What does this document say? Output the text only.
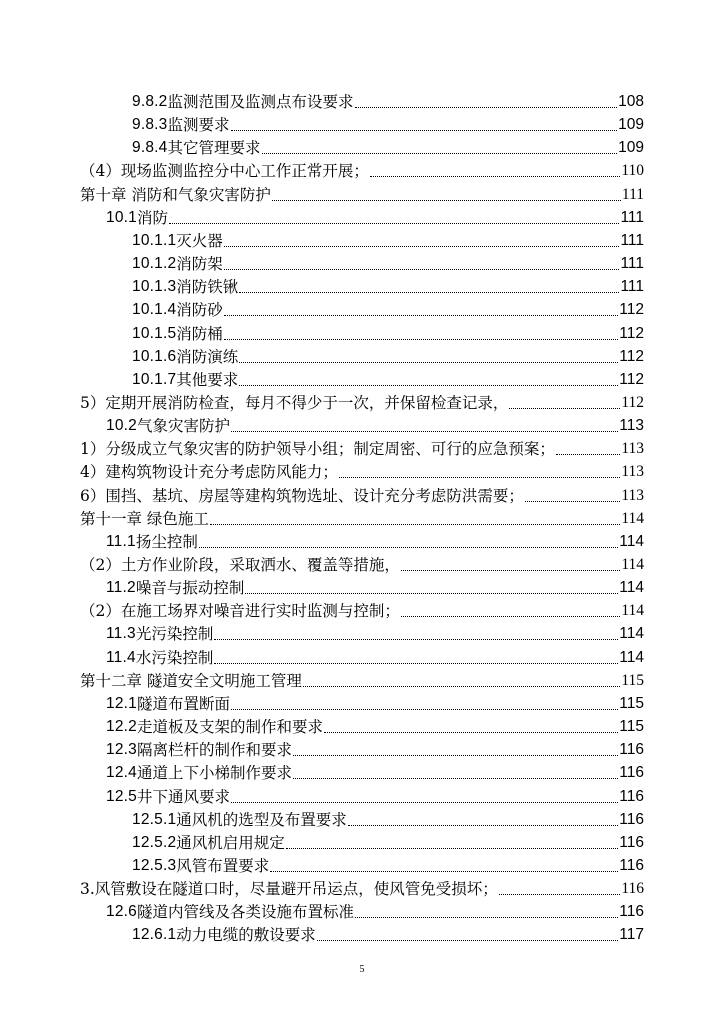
9.8.2 监测范围及监测点布设要求	108
9.8.3 监测要求	109
9.8.4 其它管理要求	109
（4）现场监测监控分中心工作正常开展；	110
第十章 消防和气象灾害防护	111
10.1 消防	111
10.1.1 灭火器	111
10.1.2 消防架	111
10.1.3 消防铁锹	111
10.1.4 消防砂	112
10.1.5 消防桶	112
10.1.6 消防演练	112
10.1.7 其他要求	112
5）定期开展消防检查，每月不得少于一次，并保留检查记录，	112
10.2 气象灾害防护	113
1）分级成立气象灾害的防护领导小组；制定周密、可行的应急预案；	113
4）建构筑物设计充分考虑防风能力；	113
6）围挡、基坑、房屋等建构筑物选址、设计充分考虑防洪需要；	113
第十一章 绿色施工	114
11.1 扬尘控制	114
（2）土方作业阶段，采取洒水、覆盖等措施，	114
11.2 噪音与振动控制	114
（2）在施工场界对噪音进行实时监测与控制；	114
11.3 光污染控制	114
11.4 水污染控制	114
第十二章 隧道安全文明施工管理	115
12.1 隧道布置断面	115
12.2 走道板及支架的制作和要求	115
12.3 隔离栏杆的制作和要求	116
12.4 通道上下小梯制作要求	116
12.5 井下通风要求	116
12.5.1 通风机的选型及布置要求	116
12.5.2 通风机启用规定	116
12.5.3 风管布置要求	116
3.风管敷设在隧道口时，尽量避开吊运点，使风管免受损坏；	116
12.6 隧道内管线及各类设施布置标准	116
12.6.1 动力电缆的敷设要求	117
5
